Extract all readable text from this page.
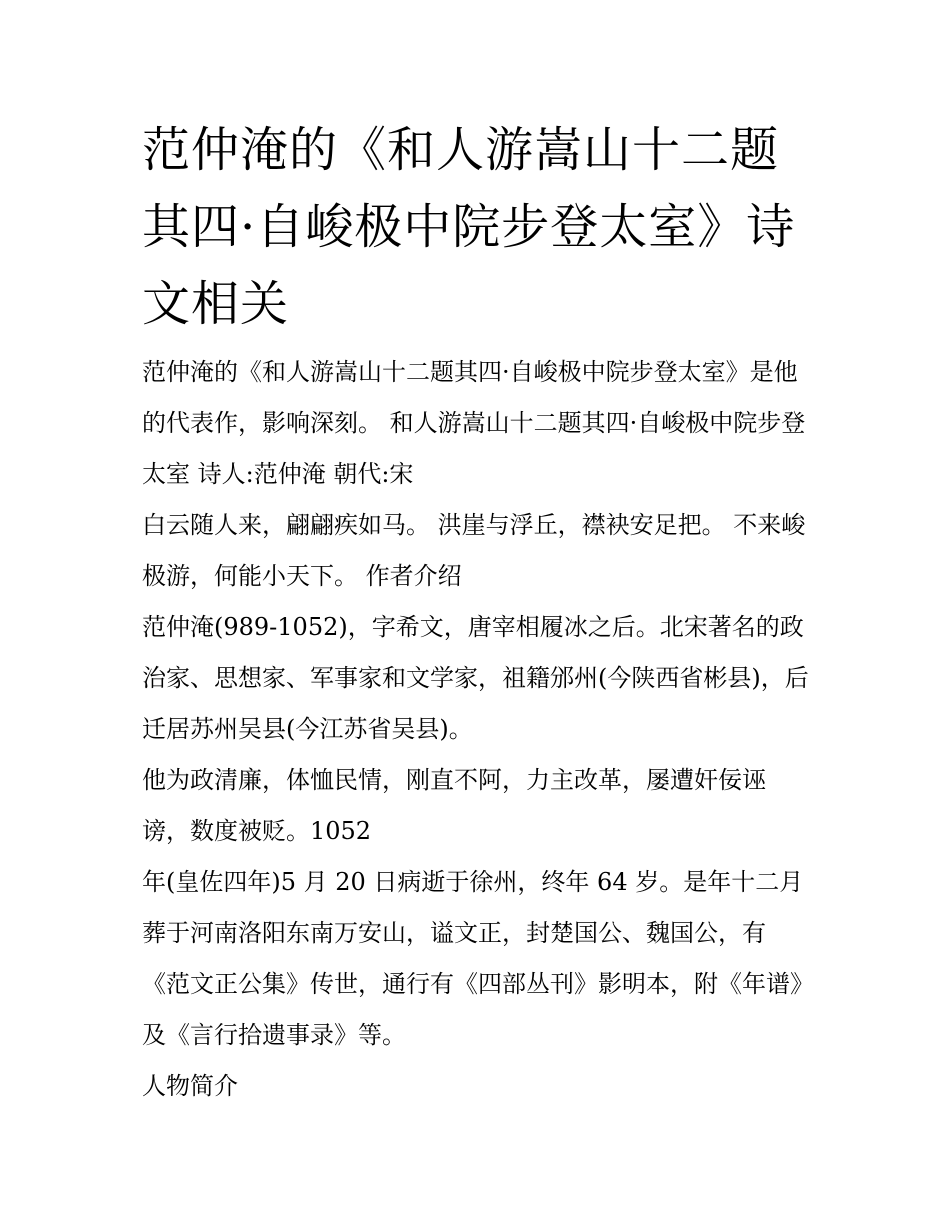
范仲淹的《和人游嵩山十二题其四·自峻极中院步登太室》诗文相关

范仲淹的《和人游嵩山十二题其四·自峻极中院步登太室》是他的代表作，影响深刻。 和人游嵩山十二题其四·自峻极中院步登太室 诗人:范仲淹 朝代:宋

白云随人来，翩翩疾如马。 洪崖与浮丘，襟袂安足把。 不来峻极游，何能小天下。 作者介绍

范仲淹(989-1052)，字希文，唐宰相履冰之后。北宋著名的政治家、思想家、军事家和文学家，祖籍邠州(今陕西省彬县)，后迁居苏州吴县(今江苏省吴县)。

他为政清廉，体恤民情，刚直不阿，力主改革，屡遭奸佞诬谤，数度被贬。1052

年(皇佐四年)5 月 20 日病逝于徐州，终年 64 岁。是年十二月葬于河南洛阳东南万安山，谥文正，封楚国公、魏国公，有《范文正公集》传世，通行有《四部丛刊》影明本，附《年谱》及《言行拾遗事录》等。

人物简介
